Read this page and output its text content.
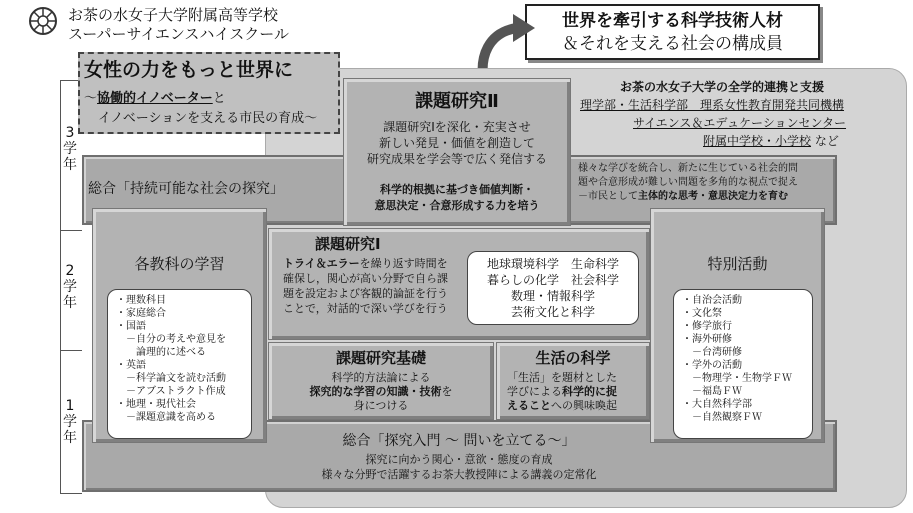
お茶の水女子大学附属高等学校
スーパーサイエンスハイスクール
世界を牽引する科学技術人材
＆それを支える社会の構成員
3学年
2学年
1学年
総合「持続可能な社会の探究」
女性の力をもっと世界に
～協働的イノベーターと
イノベーションを支える市民の育成～
お茶の水女子大学の全学的連携と支援
理学部・生活科学部　理系女性教育開発共同機構
サイエンス＆エデュケーションセンター
附属中学校・小学校 など
様々な学びを統合し、新たに生じている社会的問
題や合意形成が難しい問題を多角的な視点で捉え
－市民として主体的な思考・意思決定力を育む
課題研究Ⅱ
課題研究Ⅰを深化・充実させ
新しい発見・価値を創造して
研究成果を学会等で広く発信する
科学的根拠に基づき価値判断・
意思決定・合意形成する力を培う
各教科の学習
・理数科目
・家庭総合
・国語
　－自分の考えや意見を
　　論理的に述べる
・英語
　－科学論文を読む活動
　－アブストラクト作成
・地理・現代社会
　－課題意識を高める
特別活動
・自治会活動
・文化祭
・修学旅行
・海外研修
　－台湾研修
・学外の活動
　－物理学・生物学ＦＷ
　－福島ＦＷ
・大自然科学部
　－自然観察ＦＷ
課題研究Ⅰ
トライ＆エラーを繰り返す時間を
確保し，関心が高い分野で自ら課
題を設定および客観的論証を行う
ことで，対話的で深い学びを行う
地球環境科学　生命科学
暮らしの化学　社会科学
数理・情報科学
芸術文化と科学
課題研究基礎
科学的方法論による
探究的な学習の知識・技術を
身につける
生活の科学
「生活」を題材とした
学びによる科学的に捉
えることへの興味喚起
総合「探究入門 ～ 問いを立てる～」
探究に向かう関心・意欲・態度の育成
様々な分野で活躍するお茶大教授陣による講義の定常化
